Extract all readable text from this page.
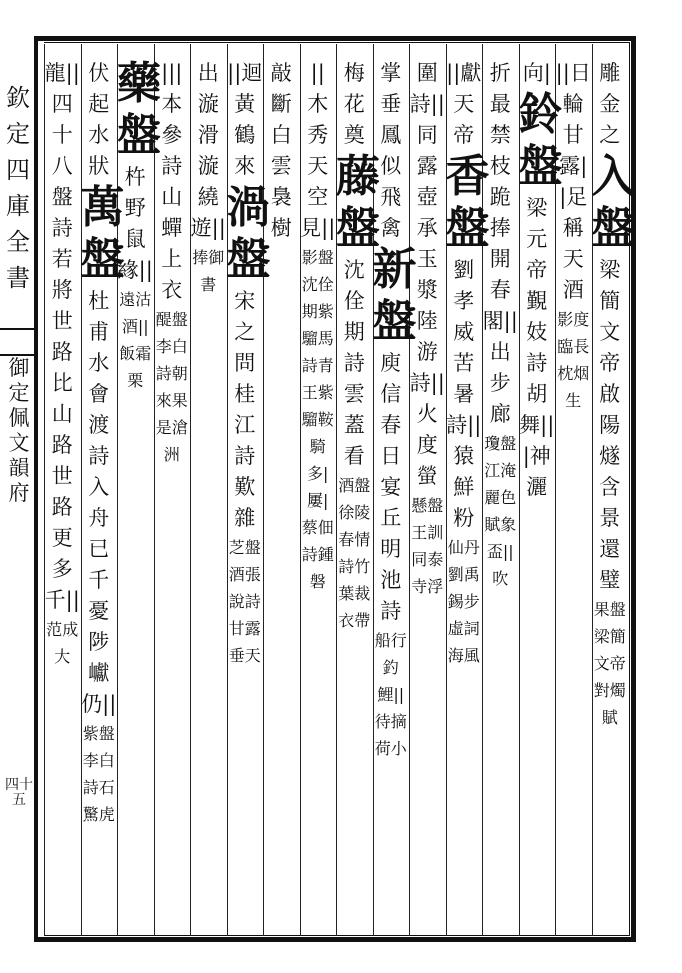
欽定四庫全書
御定佩文韻府
四十五
雕金之
入盤
梁簡文帝啟陽燧含景還璧
果盤梁簡文帝對燭賦
||日輪甘露|
|足稱天酒
影度臨長枕烟生
向|
鈴盤
梁元帝覲妓詩胡舞|||神灑
折最禁枝跪捧
開春閣||出步廊
瓊盤江淹麗色賦象盃||吹
||獻天帝
香盤
劉孝威苦暑詩||猿鮮粉
仙丹劉禹錫步虛詞海風
圍詩||同露
壺承玉漿陸游詩||火度螢
懸盤王訓同泰寺浮
掌垂鳳似飛禽
新盤
庾信春日宴丘明池詩
船行釣鯉||待摘荷小
梅花奠
藤盤
沈佺期詩雲蓋看
酒盤徐陵春情詩竹葉裁衣帶
||
木秀天空見||
影盤沈佺期紫騮馬詩青王紫騮鞍騎多|屢|蔡佃詩鍾磐
敲斷白雲
裊樹
||迴黃鶴來
渦盤
宋之問桂江詩歎雜
芝盤酒張說詩甘露垂天
出漩滑漩繞遊||
捧御書
|||
本參詩山蟬上衣
醍盤李白詩朝來果是滄洲
藥盤
杵野鼠緣||
遠沽酒||飯霜栗
伏起水狀
萬盤
杜甫水會渡詩入舟已千憂陟巘仍||
紫盤李白詩石驚虎
龍||
四十八盤詩若將世路比山路世路更多千||
范成大
